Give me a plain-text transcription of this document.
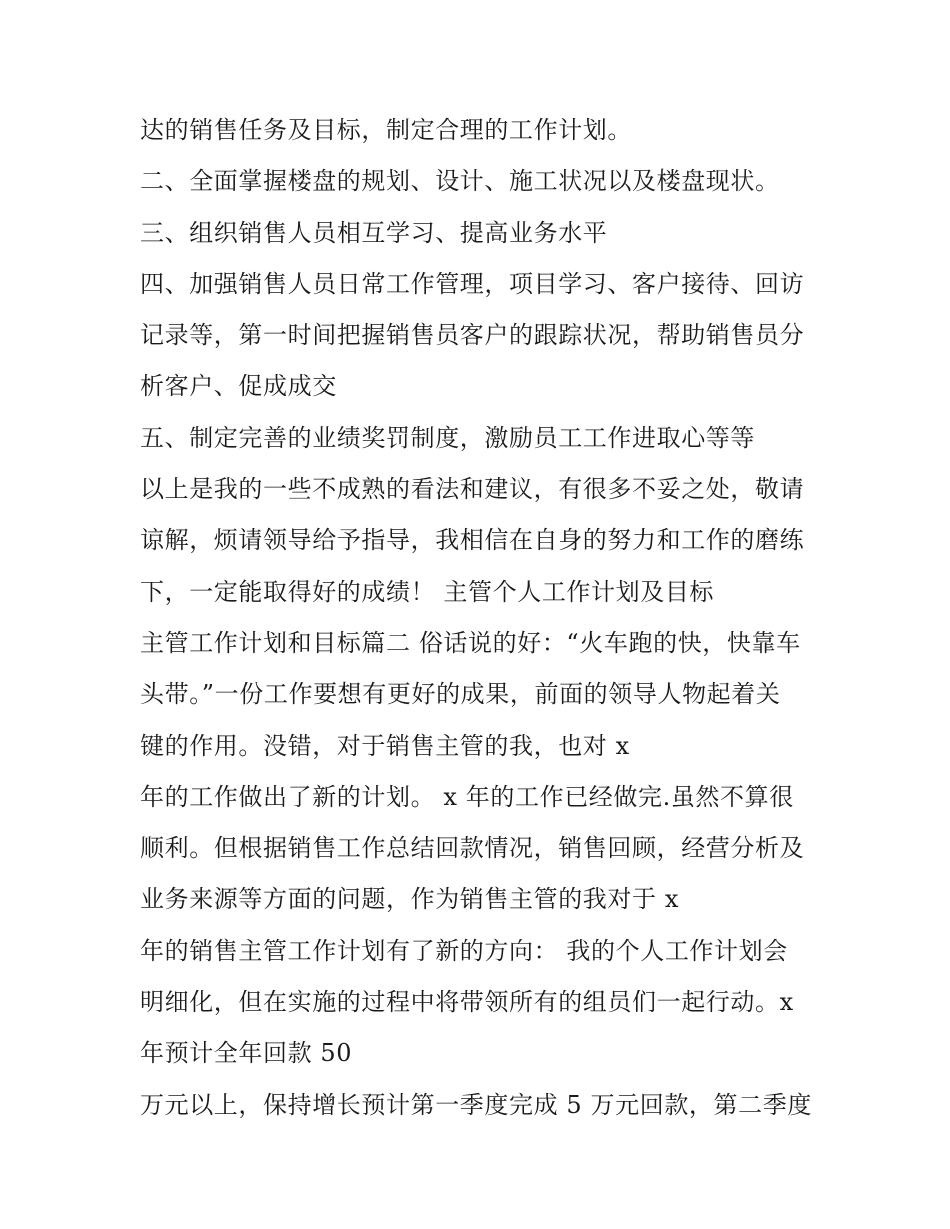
达的销售任务及目标，制定合理的工作计划。
二、全面掌握楼盘的规划、设计、施工状况以及楼盘现状。
三、组织销售人员相互学习、提高业务水平
四、加强销售人员日常工作管理，项目学习、客户接待、回访
记录等，第一时间把握销售员客户的跟踪状况，帮助销售员分
析客户、促成成交
五、制定完善的业绩奖罚制度，激励员工工作进取心等等
以上是我的一些不成熟的看法和建议，有很多不妥之处，敬请
谅解，烦请领导给予指导，我相信在自身的努力和工作的磨练
下，一定能取得好的成绩！ 主管个人工作计划及目标
主管工作计划和目标篇二 俗话说的好：“火车跑的快，快靠车
头带。”一份工作要想有更好的成果，前面的领导人物起着关
键的作用。没错，对于销售主管的我，也对 x
年的工作做出了新的计划。 x 年的工作已经做完.虽然不算很
顺利。但根据销售工作总结回款情况，销售回顾，经营分析及
业务来源等方面的问题，作为销售主管的我对于 x
年的销售主管工作计划有了新的方向： 我的个人工作计划会
明细化，但在实施的过程中将带领所有的组员们一起行动。x
年预计全年回款 50
万元以上，保持增长预计第一季度完成 5 万元回款，第二季度
